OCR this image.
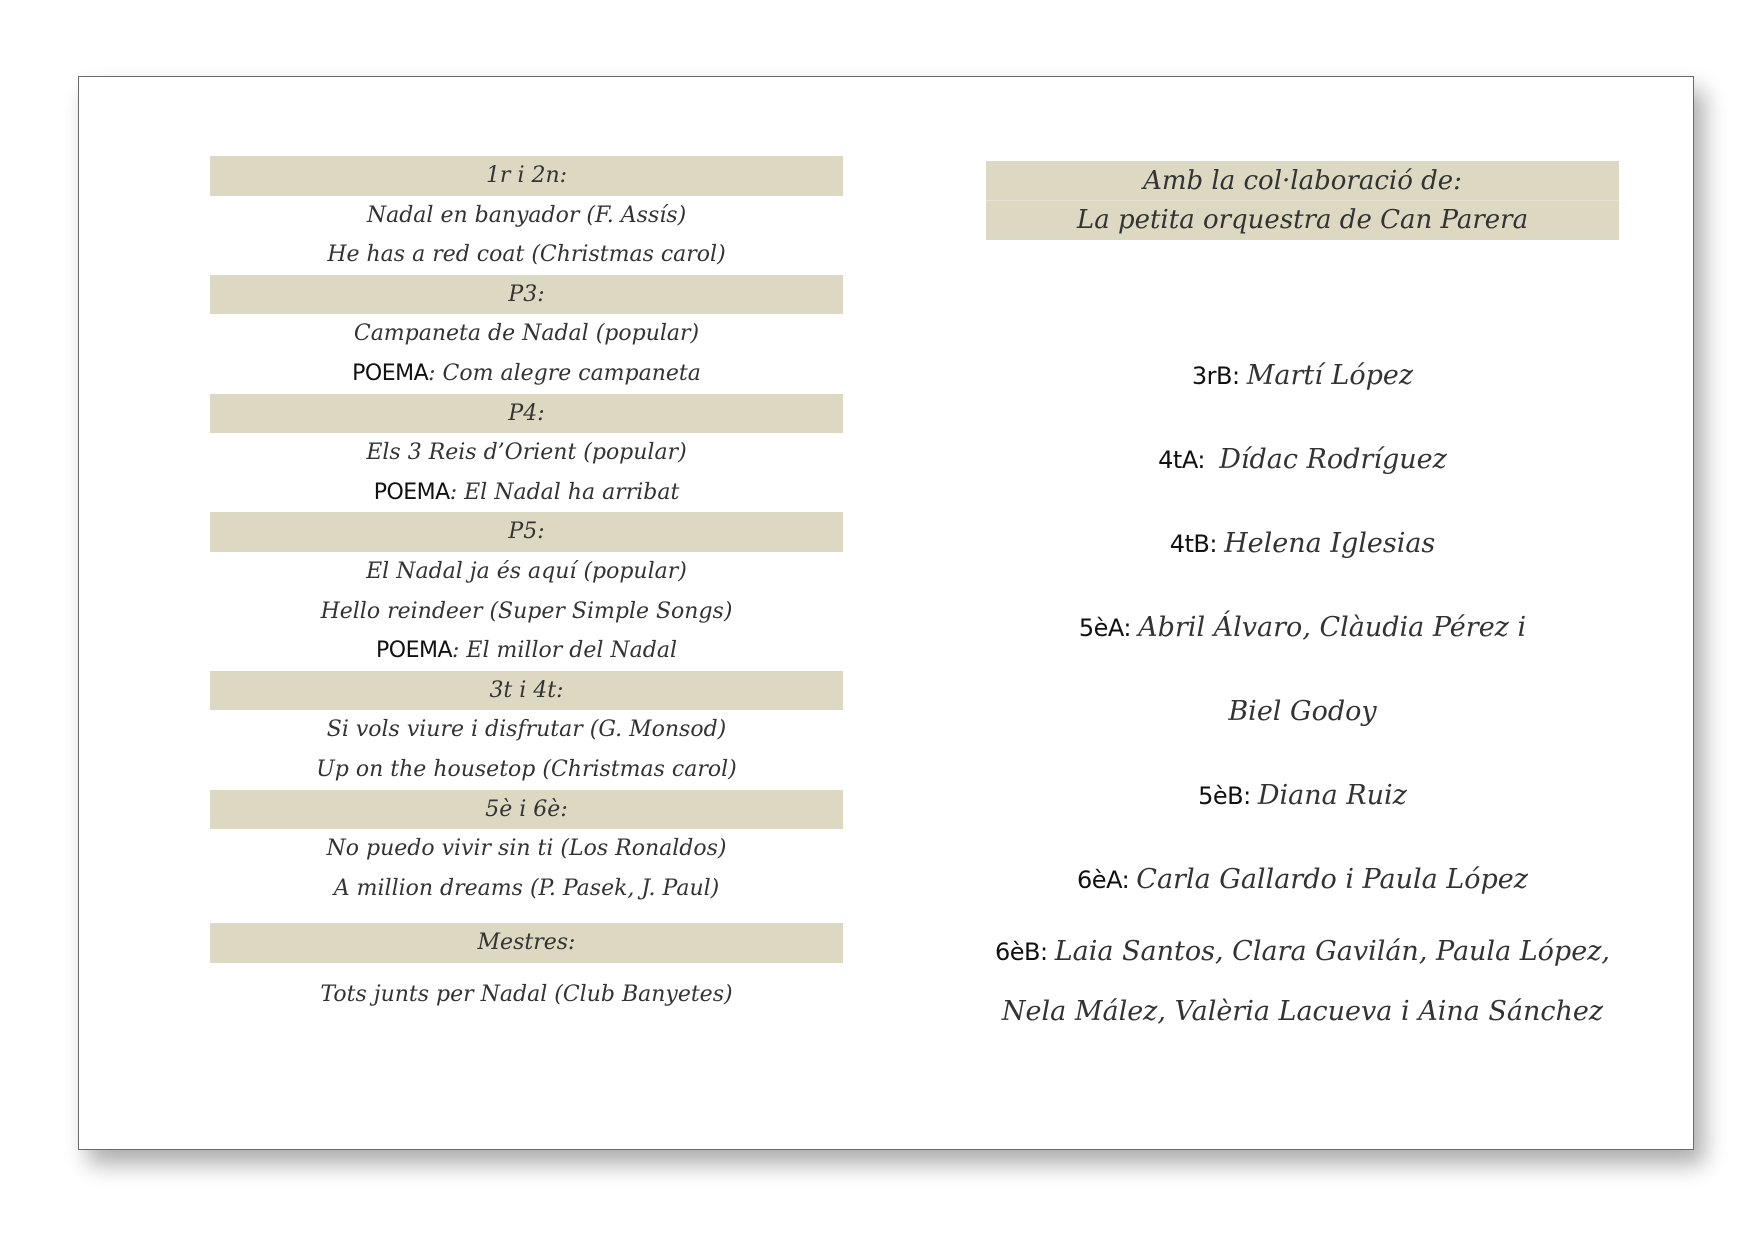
1r i 2n:
Nadal en banyador (F. Assís)
He has a red coat (Christmas carol)
P3:
Campaneta de Nadal (popular)
POEMA: Com alegre campaneta
P4:
Els 3 Reis d’Orient (popular)
POEMA: El Nadal ha arribat
P5:
El Nadal ja és aquí (popular)
Hello reindeer (Super Simple Songs)
POEMA: El millor del Nadal
3t i 4t:
Si vols viure i disfrutar (G. Monsod)
Up on the housetop (Christmas carol)
5è i 6è:
No puedo vivir sin ti (Los Ronaldos)
A million dreams (P. Pasek, J. Paul)
Mestres:
Tots junts per Nadal (Club Banyetes)
Amb la col·laboració de:
La petita orquestra de Can Parera
3rB: Martí López
4tA:  Dídac Rodríguez
4tB: Helena Iglesias
5èA: Abril Álvaro, Clàudia Pérez i
Biel Godoy
5èB: Diana Ruiz
6èA: Carla Gallardo i Paula López
6èB: Laia Santos, Clara Gavilán, Paula López,
Nela Mález, Valèria Lacueva i Aina Sánchez
